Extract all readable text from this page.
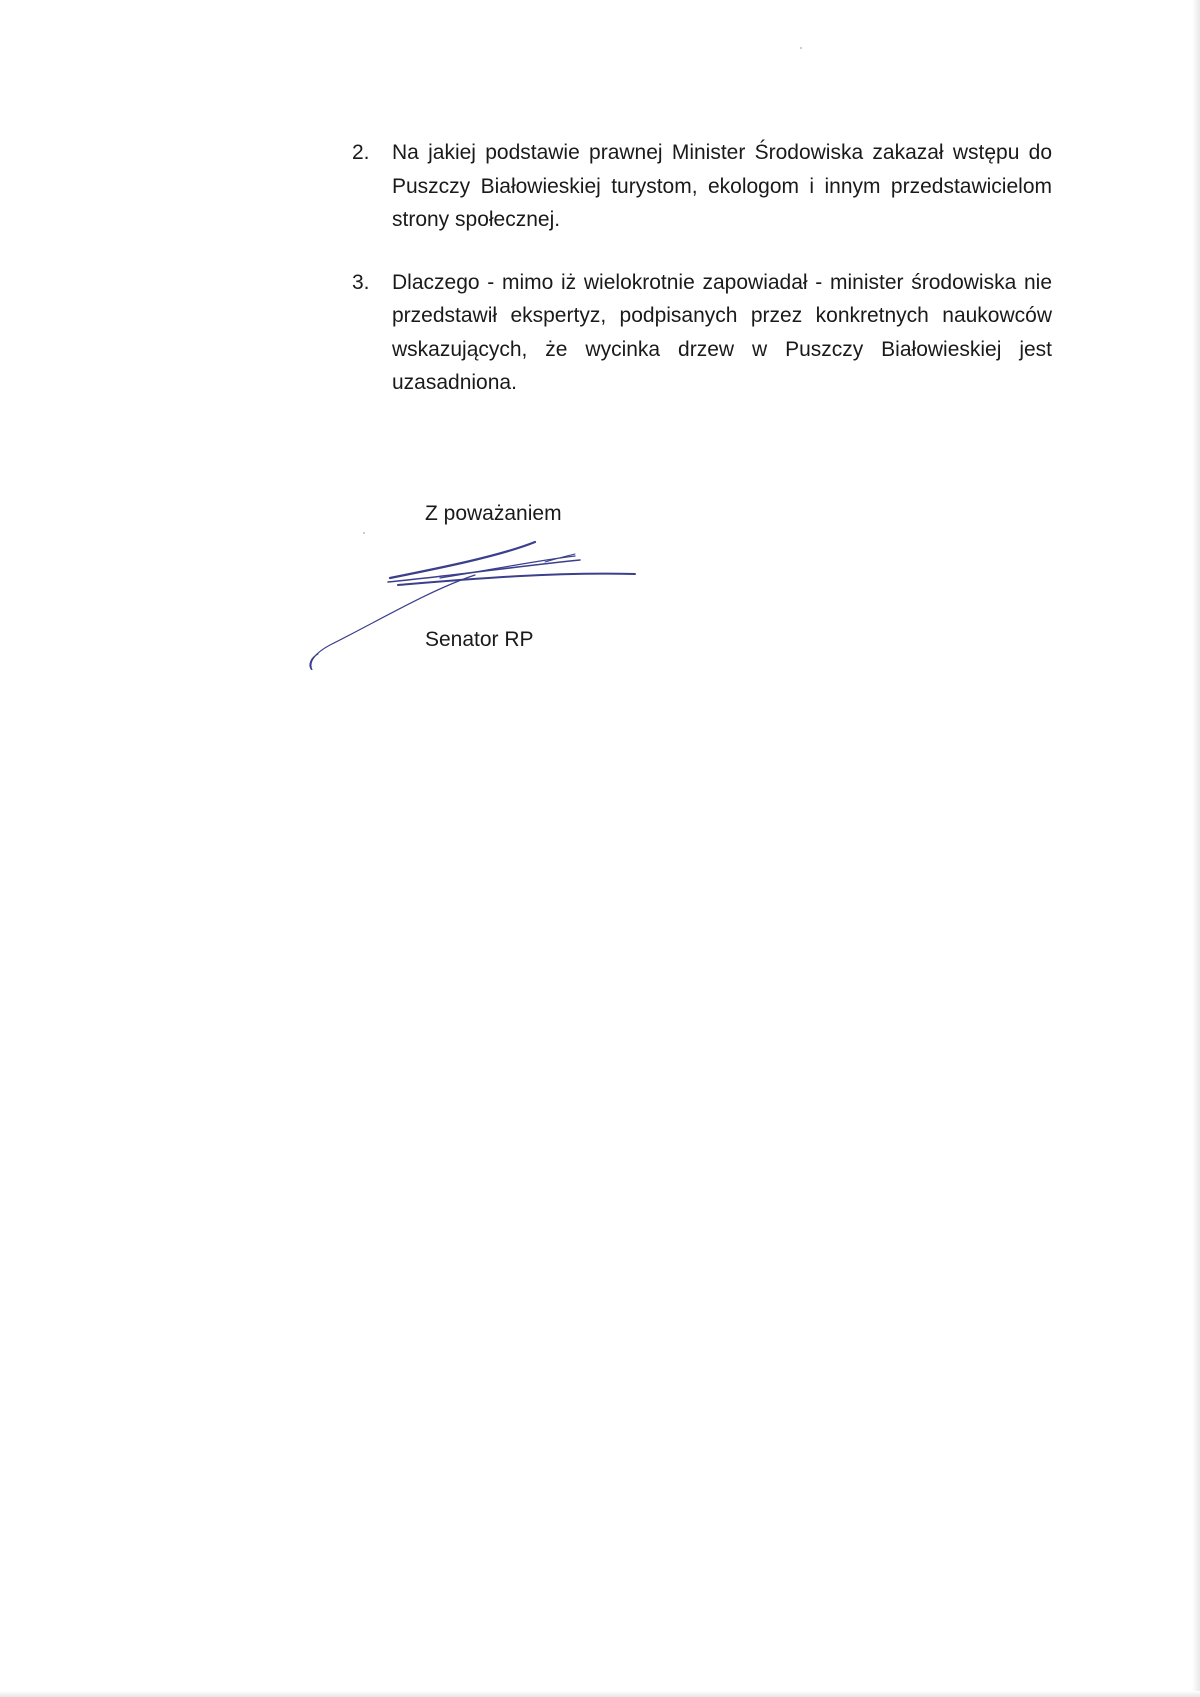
2. Na jakiej podstawie prawnej Minister Środowiska zakazał wstępu do Puszczy Białowieskiej turystom, ekologom i innym przedstawicielom strony społecznej.
3. Dlaczego - mimo iż wielokrotnie zapowiadał - minister środowiska nie przedstawił ekspertyz, podpisanych przez konkretnych naukowców wskazujących, że wycinka drzew w Puszczy Białowieskiej jest uzasadniona.
Z poważaniem
Senator RP
